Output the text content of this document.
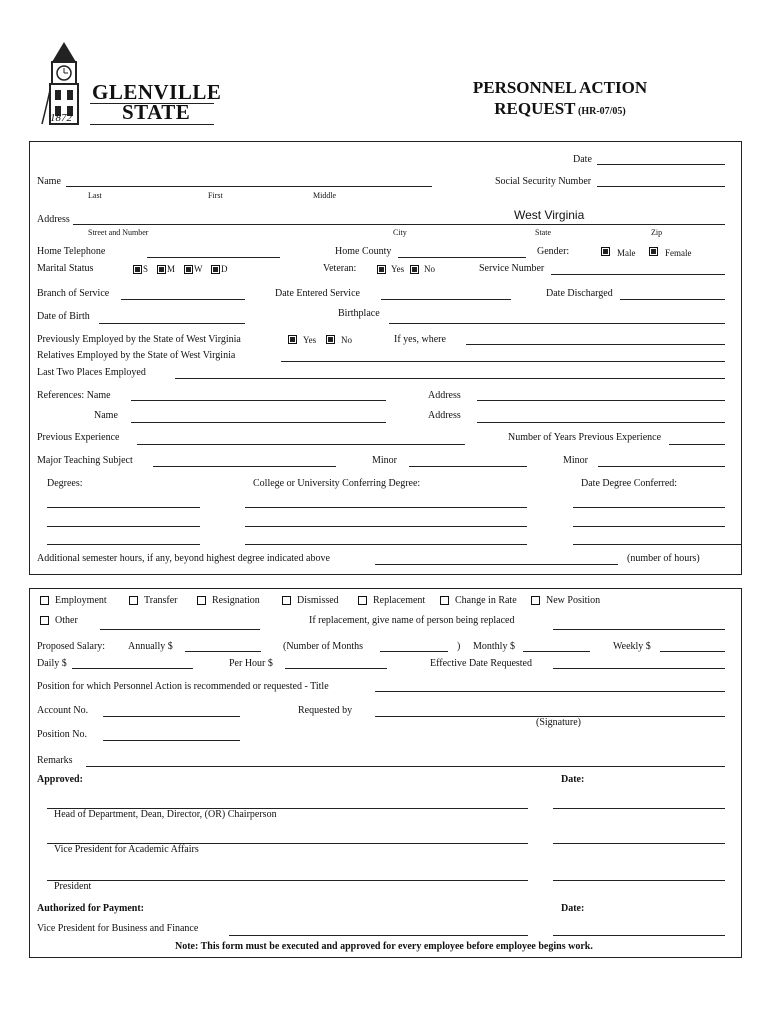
GLENVILLE
STATE
1872
PERSONNEL ACTION
REQUEST (HR-07/05)
Date
Name	Social Security Number
Last	First	Middle
Address	West Virginia
Street and Number	City	State	Zip
Home Telephone	Home County	Gender:	Male	Female
Marital Status	S M W D	Veteran:	Yes No	Service Number
Branch of Service	Date Entered Service	Date Discharged
Birthplace
Date of Birth
Previously Employed by the State of West Virginia	Yes	No	If yes, where
Relatives Employed by the State of West Virginia
Last Two Places Employed
References: Name	Address
Name	Address
Previous Experience	Number of Years Previous Experience
Major Teaching Subject	Minor	Minor
Degrees:	College or University Conferring Degree:	Date Degree Conferred:
Additional semester hours, if any, beyond highest degree indicated above	(number of hours)
Employment	Transfer	Resignation	Dismissed	Replacement	Change in Rate	New Position
Other	If replacement, give name of person being replaced
Proposed Salary: Annually $	(Number of Months	) Monthly $	Weekly $
Daily $	Per Hour $	Effective Date Requested
Position for which Personnel Action is recommended or requested - Title
Account No.	Requested by
(Signature)
Position No.
Remarks
Approved:	Date:
Head of Department, Dean, Director, (OR) Chairperson
Vice President for Academic Affairs
President
Authorized for Payment:	Date:
Vice President for Business and Finance
Note: This form must be executed and approved for every employee before employee begins work.
